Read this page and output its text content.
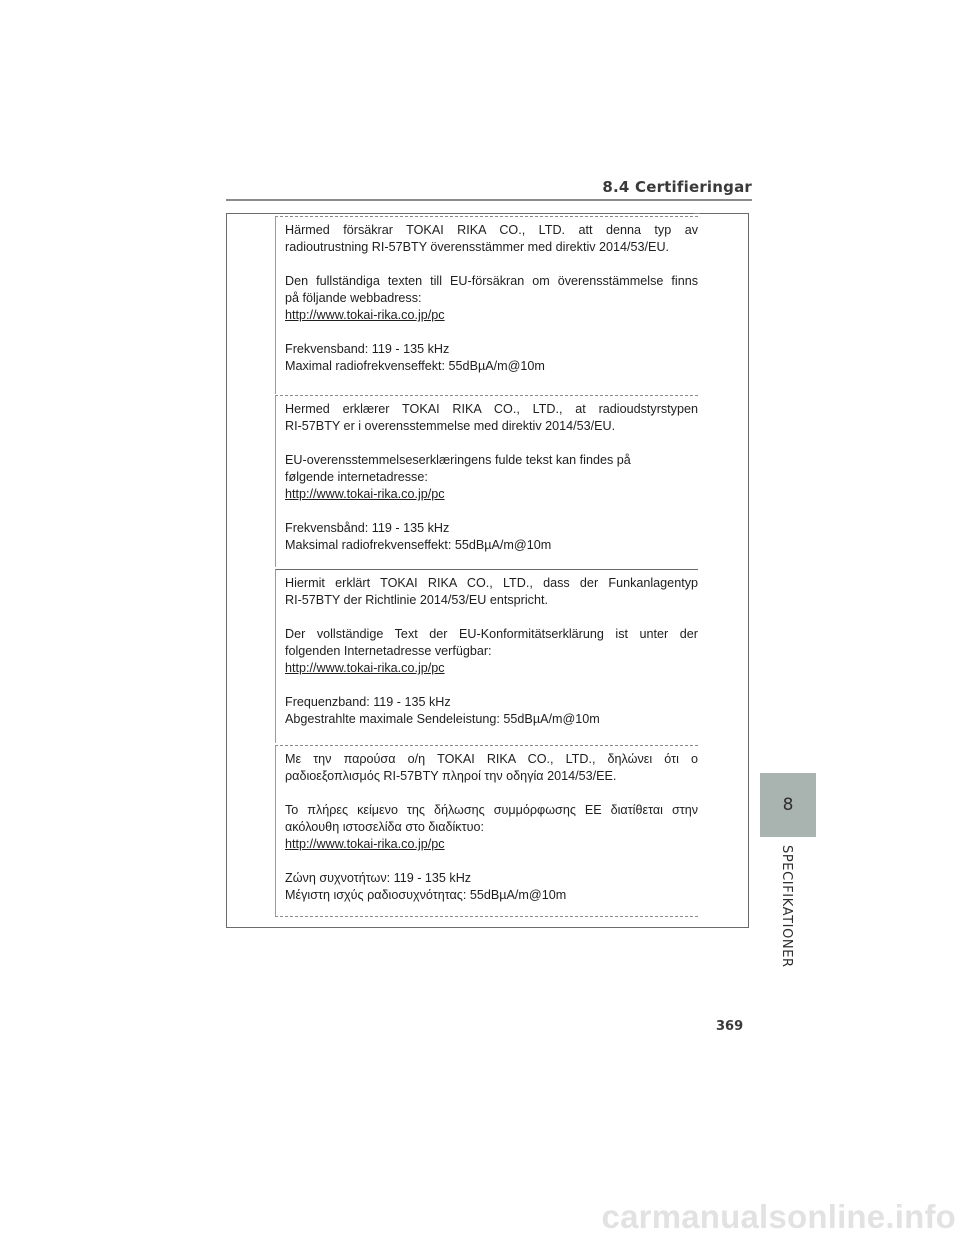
8.4 Certifieringar

Härmed försäkrar TOKAI RIKA CO., LTD. att denna typ av
radioutrustning RI-57BTY överensstämmer med direktiv 2014/53/EU.

Den fullständiga texten till EU-försäkran om överensstämmelse finns
på följande webbadress:
http://www.tokai-rika.co.jp/pc

Frekvensband: 119 - 135 kHz
Maximal radiofrekvenseffekt: 55dBµA/m@10m

Hermed erklærer TOKAI RIKA CO., LTD., at radioudstyrstypen
RI-57BTY er i overensstemmelse med direktiv 2014/53/EU.

EU-overensstemmelseserklæringens fulde tekst kan findes på
følgende internetadresse:
http://www.tokai-rika.co.jp/pc

Frekvensbånd: 119 - 135 kHz
Maksimal radiofrekvenseffekt: 55dBµA/m@10m

Hiermit erklärt TOKAI RIKA CO., LTD., dass der Funkanlagentyp
RI-57BTY der Richtlinie 2014/53/EU entspricht.

Der vollständige Text der EU-Konformitätserklärung ist unter der
folgenden Internetadresse verfügbar:
http://www.tokai-rika.co.jp/pc

Frequenzband: 119 - 135 kHz
Abgestrahlte maximale Sendeleistung: 55dBµA/m@10m

Με την παρούσα ο/η TOKAI RIKA CO., LTD., δηλώνει ότι ο
ραδιοεξοπλισμός RI-57BTY πληροί την οδηγία 2014/53/ΕΕ.

Το πλήρες κείμενο της δήλωσης συμμόρφωσης ΕΕ διατίθεται στην
ακόλουθη ιστοσελίδα στο διαδίκτυο:
http://www.tokai-rika.co.jp/pc

Ζώνη συχνοτήτων: 119 - 135 kHz
Μέγιστη ισχύς ραδιοσυχνότητας: 55dBµA/m@10m

8
SPECIFIKATIONER
369
carmanualsonline.info
